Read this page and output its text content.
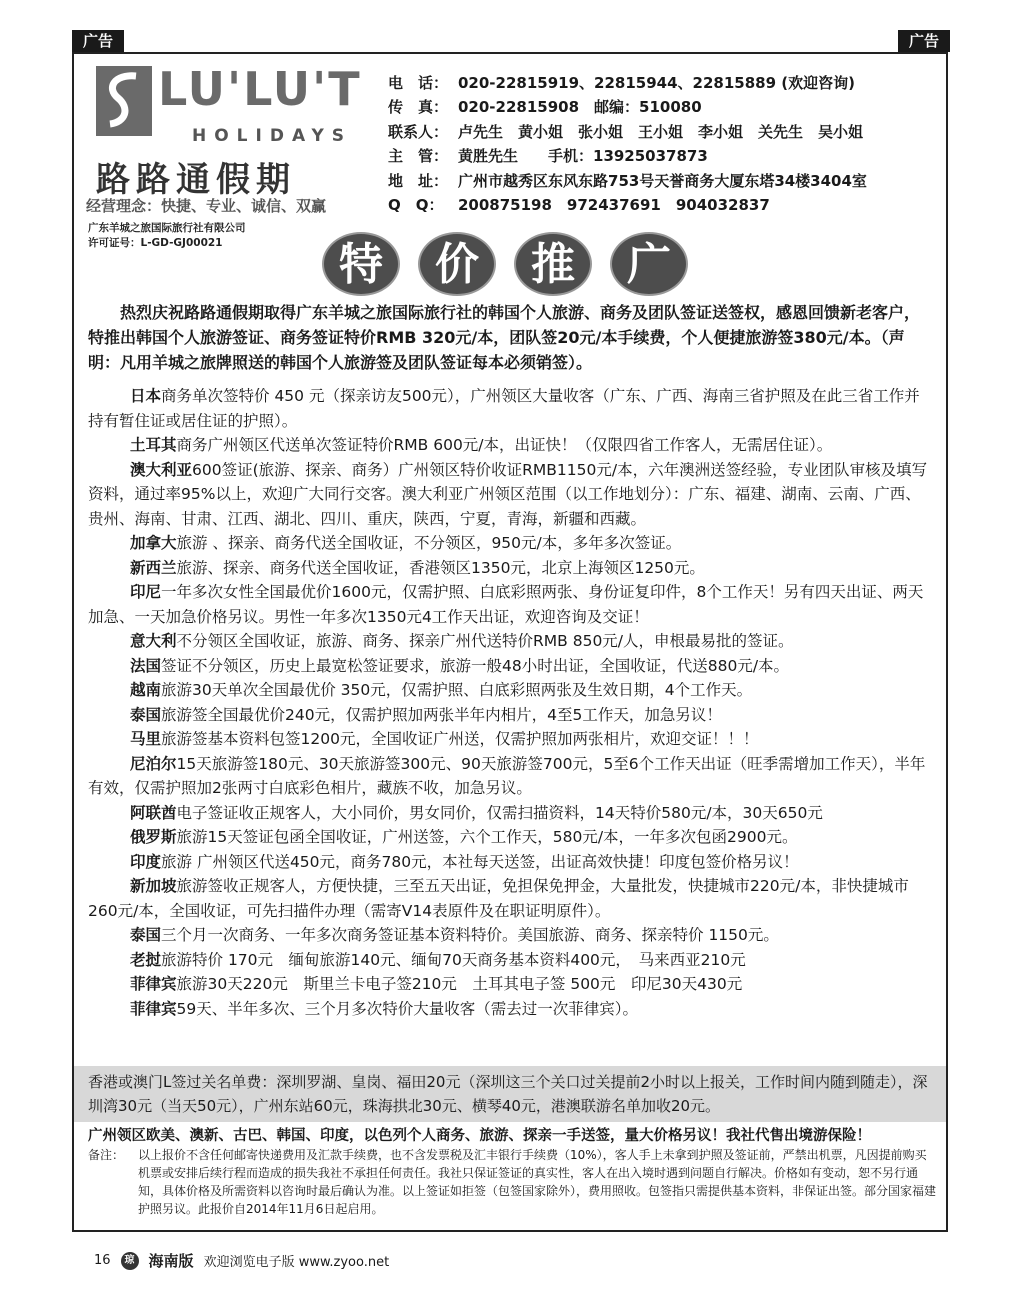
广告	广告
LU'LU'T
HOLIDAYS
路路通假期
经营理念：快捷、专业、诚信、双赢
广东羊城之旅国际旅行社有限公司
许可证号：L-GD-GJ00021
电　话： 020-22815919、22815944、22815889 (欢迎咨询)
传　真： 020-22815908　邮编：510080
联系人： 卢先生　黄小姐　张小姐　王小姐　李小姐　关先生　吴小姐
主　管： 黄胜先生　　手机：13925037873
地　址： 广州市越秀区东风东路753号天誉商务大厦东塔34楼3404室
Q　Q： 200875198　972437691　904032837
特	价	推	广
热烈庆祝路路通假期取得广东羊城之旅国际旅行社的韩国个人旅游、商务及团队签证送签权，感恩回馈新老客户，特推出韩国个人旅游签证、商务签证特价RMB 320元/本，团队签20元/本手续费，个人便捷旅游签380元/本。（声明：凡用羊城之旅牌照送的韩国个人旅游签及团队签证每本必须销签）。
日本商务单次签特价 450 元（探亲访友500元），广州领区大量收客（广东、广西、海南三省护照及在此三省工作并持有暂住证或居住证的护照）。
土耳其商务广州领区代送单次签证特价RMB 600元/本，出证快！（仅限四省工作客人，无需居住证）。
澳大利亚600签证(旅游、探亲、商务）广州领区特价收证RMB1150元/本，六年澳洲送签经验，专业团队审核及填写资料，通过率95%以上，欢迎广大同行交客。澳大利亚广州领区范围（以工作地划分）：广东、福建、湖南、云南、广西、贵州、海南、甘肃、江西、湖北、四川、重庆，陕西，宁夏，青海，新疆和西藏。
加拿大旅游 、探亲、商务代送全国收证，不分领区，950元/本，多年多次签证。
新西兰旅游、探亲、商务代送全国收证，香港领区1350元，北京上海领区1250元。
印尼一年多次女性全国最优价1600元，仅需护照、白底彩照两张、身份证复印件，8个工作天！另有四天出证、两天加急、一天加急价格另议。男性一年多次1350元4工作天出证，欢迎咨询及交证！
意大利不分领区全国收证，旅游、商务、探亲广州代送特价RMB 850元/人，申根最易批的签证。
法国签证不分领区，历史上最宽松签证要求，旅游一般48小时出证，全国收证，代送880元/本。
越南旅游30天单次全国最优价 350元，仅需护照、白底彩照两张及生效日期，4个工作天。
泰国旅游签全国最优价240元，仅需护照加两张半年内相片，4至5工作天，加急另议！
马里旅游签基本资料包签1200元，全国收证广州送，仅需护照加两张相片，欢迎交证！！！
尼泊尔15天旅游签180元、30天旅游签300元、90天旅游签700元，5至6个工作天出证（旺季需增加工作天），半年有效，仅需护照加2张两寸白底彩色相片，藏族不收，加急另议。
阿联酋电子签证收正规客人，大小同价，男女同价，仅需扫描资料，14天特价580元/本，30天650元
俄罗斯旅游15天签证包函全国收证，广州送签，六个工作天，580元/本，一年多次包函2900元。
印度旅游 广州领区代送450元，商务780元，本社每天送签，出证高效快捷！印度包签价格另议！
新加坡旅游签收正规客人，方便快捷，三至五天出证，免担保免押金，大量批发，快捷城市220元/本，非快捷城市260元/本，全国收证，可先扫描件办理（需寄V14表原件及在职证明原件）。
泰国三个月一次商务、一年多次商务签证基本资料特价。美国旅游、商务、探亲特价 1150元。
老挝旅游特价 170元　缅甸旅游140元、缅甸70天商务基本资料400元，　马来西亚210元
菲律宾旅游30天220元　斯里兰卡电子签210元　土耳其电子签 500元　印尼30天430元
菲律宾59天、半年多次、三个月多次特价大量收客（需去过一次菲律宾）。
香港或澳门L签过关名单费：深圳罗湖、皇岗、福田20元（深圳这三个关口过关提前2小时以上报关，工作时间内随到随走），深圳湾30元（当天50元），广州东站60元，珠海拱北30元、横琴40元，港澳联游名单加收20元。
广州领区欧美、澳新、古巴、韩国、印度，以色列个人商务、旅游、探亲一手送签，量大价格另议！我社代售出境游保险！
备注：	以上报价不含任何邮寄快递费用及汇款手续费，也不含发票税及汇丰银行手续费（10%），客人手上未拿到护照及签证前，严禁出机票，凡因提前购买机票或安排后续行程而造成的损失我社不承担任何责任。我社只保证签证的真实性，客人在出入境时遇到问题自行解决。价格如有变动，恕不另行通知，具体价格及所需资料以咨询时最后确认为准。以上签证如拒签（包签国家除外），费用照收。包签指只需提供基本资料，非保证出签。部分国家福建护照另议。此报价自2014年11月6日起启用。
16	琼 海南版 欢迎浏览电子版 www.zyoo.net
